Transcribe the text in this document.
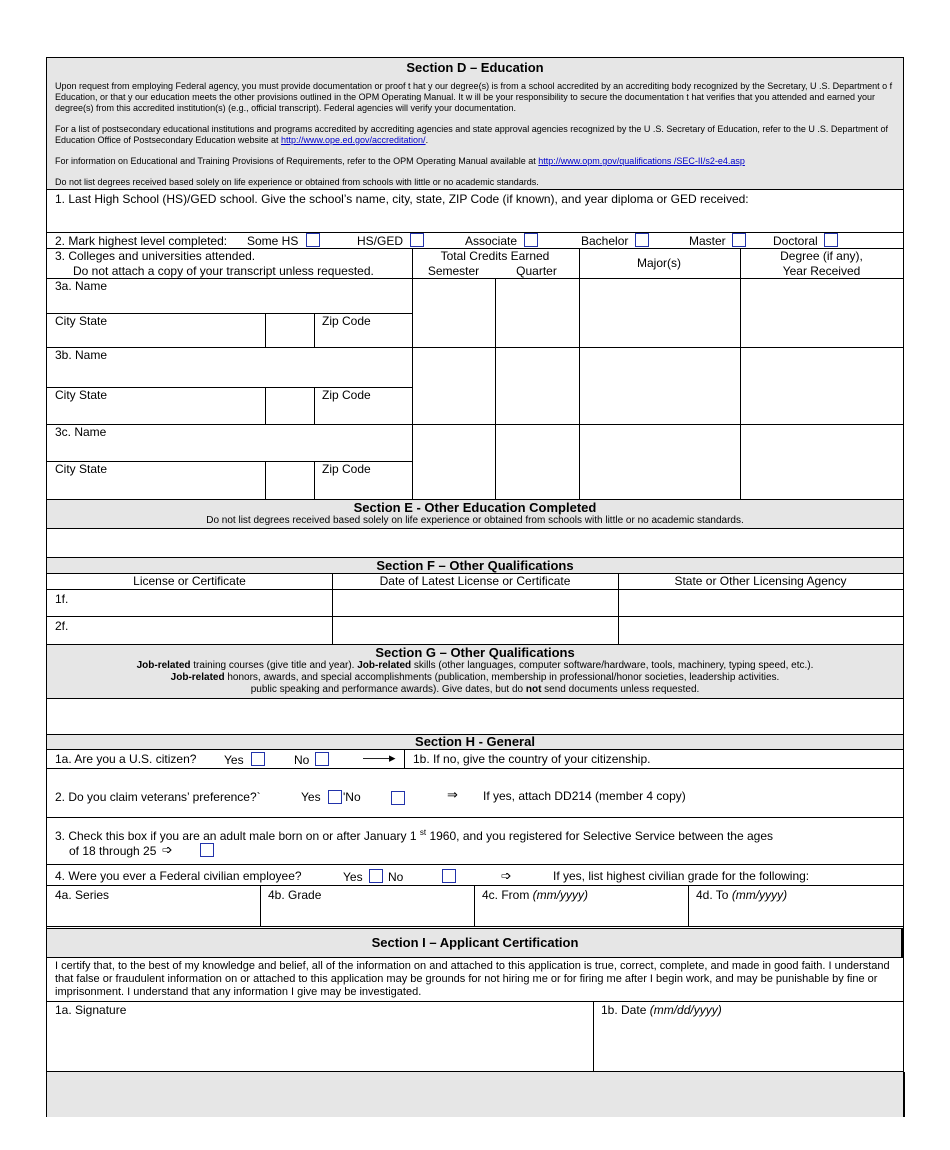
Section D – Education
Upon request from employing Federal agency, you must provide documentation or proof t hat y our degree(s) is from a school accredited by an accrediting body recognized by the Secretary, U .S. Department o f Education, or that y our education meets the other provisions outlined in the OPM Operating Manual. It w ill be your responsibility to secure the documentation t hat verifies that you attended and earned your degree(s) from this accredited institution(s) (e.g., official transcript). Federal agencies will verify your documentation.
For a list of postsecondary educational institutions and programs accredited by accrediting agencies and state approval agencies recognized by the U .S. Secretary of Education, refer to the U .S. Department of Education Office of Postsecondary Education website at http://www.ope.ed.gov/accreditation/.
For information on Educational and Training Provisions of Requirements, refer to the OPM Operating Manual available at http://www.opm.gov/qualifications /SEC-II/s2-e4.asp
Do not list degrees received based solely on life experience or obtained from schools with little or no academic standards.
1. Last High School (HS)/GED school. Give the school’s name, city, state, ZIP Code (if known), and year diploma or GED received:
2. Mark highest level completed: Some HS	HS/GED	Associate	Bachelor	Master	Doctoral
3. Colleges and universities attended.
Do not attach a copy of your transcript unless requested.
Total Credits Earned
Semester	Quarter
Major(s)	Degree (if any),
Year Received
3a. Name
City State	Zip Code
3b. Name
City State	Zip Code
3c. Name
City State	Zip Code
Section E - Other Education Completed
Do not list degrees received based solely on life experience or obtained from schools with little or no academic standards.
Section F – Other Qualifications
License or Certificate	Date of Latest License or Certificate	State or Other Licensing Agency
1f.
2f.
Section G – Other Qualifications
Job-related training courses (give title and year). Job-related skills (other languages, computer software/hardware, tools, machinery, typing speed, etc.).
Job-related honors, awards, and special accomplishments (publication, membership in professional/honor societies, leadership activities.
public speaking and performance awards). Give dates, but do not send documents unless requested.
Section H - General
1a. Are you a U.S. citizen? Yes	No	——▸ 1b. If no, give the country of your citizenship.
2. Do you claim veterans’ preference?`	Yes 'No	⇒ If yes, attach DD214 (member 4 copy)
3. Check this box if you are an adult male born on or after January 1 $^{st}$ 1960, and you registered for Selective Service between the ages
of 18 through 25 ➩
4. Were you ever a Federal civilian employee?	Yes No	➩	If yes, list highest civilian grade for the following:
4a. Series	4b. Grade	4c. From (mm/yyyy)	4d. To (mm/yyyy)
Section I – Applicant Certification
I certify that, to the best of my knowledge and belief, all of the information on and attached to this application is true, correct, complete, and made in good faith. I understand that false or fraudulent information on or attached to this application may be grounds for not hiring me or for firing me after I begin work, and may be punishable by fine or imprisonment. I understand that any information I give may be investigated.
1a. Signature	1b. Date (mm/dd/yyyy)
